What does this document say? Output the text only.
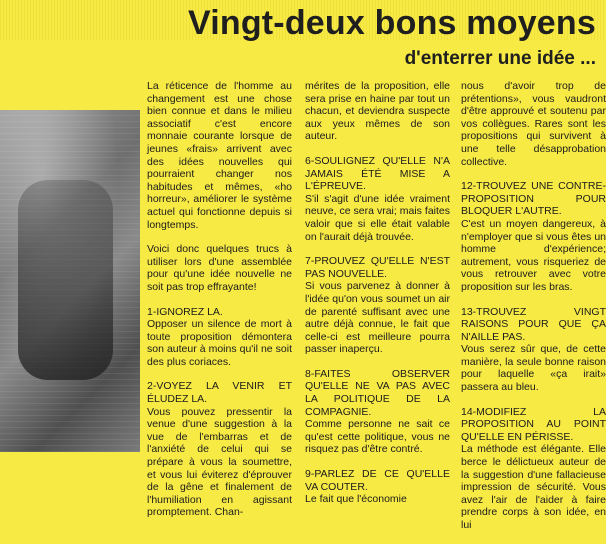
Vingt-deux bons moyens
d'enterrer une idée ...

La réticence de l'homme au changement est une chose bien connue et dans le milieu associatif c'est encore monnaie courante lorsque de jeunes «frais» arrivent avec des idées nouvelles qui pourraient changer nos habitudes et mêmes, «ho horreur», améliorer le système actuel qui fonctionne depuis si longtemps.

Voici donc quelques trucs à utiliser lors d'une assemblée pour qu'une idée nouvelle ne soit pas trop effrayante!

1-IGNOREZ LA.

Opposer un silence de mort à toute proposition démontera son auteur à moins qu'il ne soit des plus coriaces.

2-VOYEZ LA VENIR ET ÉLUDEZ LA.

Vous pouvez pressentir la venue d'une suggestion à la vue de l'embarras et de l'anxiété de celui qui se prépare à vous la soumettre, et vous lui éviterez d'éprouver de la gêne et finalement de l'humiliation en agissant promptement. Chan-

mérites de la proposition, elle sera prise en haine par tout un chacun, et deviendra suspecte aux yeux mêmes de son auteur.

6-SOULIGNEZ QU'ELLE N'A JAMAIS ÉTÉ MISE A L'ÉPREUVE.

S'il s'agit d'une idée vraiment neuve, ce sera vrai; mais faites valoir que si elle était valable on l'aurait déjà trouvée.

7-PROUVEZ QU'ELLE N'EST PAS NOUVELLE.

Si vous parvenez à donner à l'idée qu'on vous soumet un air de parenté suffisant avec une autre déjà connue, le fait que celle-ci est meilleure pourra passer inaperçu.

8-FAITES OBSERVER QU'ELLE NE VA PAS AVEC LA POLITIQUE DE LA COMPAGNIE.

Comme personne ne sait ce qu'est cette politique, vous ne risquez pas d'être contré.

9-PARLEZ DE CE QU'ELLE VA COUTER.

Le fait que l'économie

nous d'avoir trop de prétentions», vous vaudront d'être approuvé et soutenu par vos collègues. Rares sont les propositions qui survivent à une telle désapprobation collective.

12-TROUVEZ UNE CONTRE-PROPOSITION POUR BLOQUER L'AUTRE.

C'est un moyen dangereux, à n'employer que si vous êtes un homme d'expérience; autrement, vous risqueriez de vous retrouver avec votre proposition sur les bras.

13-TROUVEZ VINGT RAISONS POUR QUE ÇA N'AILLE PAS.

Vous serez sûr que, de cette manière, la seule bonne raison pour laquelle «ça irait» passera au bleu.

14-MODIFIEZ LA PROPOSITION AU POINT QU'ELLE EN PÉRISSE.

La méthode est élégante. Elle berce le délictueux auteur de la suggestion d'une fallacieuse impression de sécurité. Vous avez l'air de l'aider à faire prendre corps à son idée, en lui
